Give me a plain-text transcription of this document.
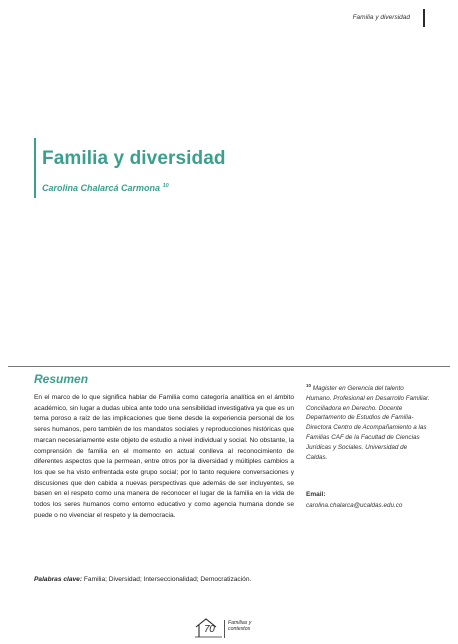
Familia y diversidad
Familia y diversidad
Carolina Chalarcá Carmona $^{10}$
Resumen

En el marco de lo que significa hablar de Familia como categoría analítica en el ámbito académico, sin lugar a dudas ubica ante todo una sensibilidad investigativa ya que es un tema poroso a raíz de las implicaciones que tiene desde la experiencia personal de los seres humanos, pero también de los mandatos sociales y reproducciones históricas que marcan necesariamente este objeto de estudio a nivel individual y social. No obstante, la comprensión de familia en el momento en actual conlleva al reconocimiento de diferentes aspectos que la permean, entre otros por la diversidad y múltiples cambios a los que se ha visto enfrentada este grupo social; por lo tanto requiere conversaciones y discusiones que den cabida a nuevas perspectivas que además de ser incluyentes, se basen en el respeto como una manera de reconocer el lugar de la familia en la vida de todos los seres humanos como entorno educativo y como agencia humana donde se puede o no vivenciar el respeto y la democracia.

Palabras clave: Familia; Diversidad; Interseccionalidad; Democratización.
$^{10}$ Magister en Gerencia del talento Humano. Profesional en Desarrollo Familiar. Conciliadora en Derecho. Docente Departamento de Estudios de Familia-Directora Centro de Acompañamiento a las Familias CAF de la Facultad de Ciencias Jurídicas y Sociales. Universidad de Caldas.
Email:
carolina.chalarca@ucaldas.edu.co
70
Familias y
contextos
